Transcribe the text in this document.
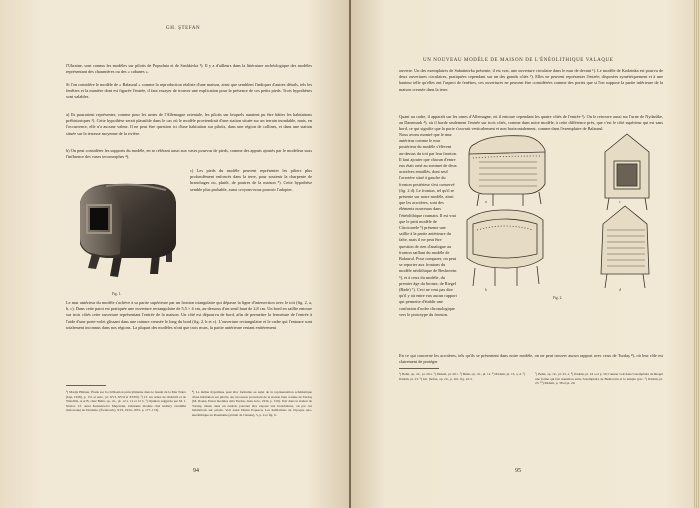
GH. ȘTEFAN
l'Ukraine, sont connus les modèles sur pilotis de Popudnia et de Sushkivka ²). Il y a d'ailleurs dans la littérature archéologique des modèles représentant des chaumières ou des « cabanes ».
Si l'on considère le modèle de « Balaurul » comme la reproduction réaliste d'une maison, ainsi que semblent l'indiquer d'autres détails, tels les fenêtres et la manière dont est figurée l'entrée, il faut essayer de trouver une explication pour la présence de ces petits pieds. Trois hypothèses sont valables.
a) Ils pourraient représenter, comme pour les urnes de l'Allemagne orientale, les pilotis sur lesquels auraient pu être bâties les habitations préhistoriques ³). Cette hypothèse serait plausible dans le cas où le modèle proviendrait d'une station située sur un terrain inondable, mais, en l'occurrence, elle n'a aucune valeur. Il ne peut être question ici d'une habitation sur pilotis, dans une région de collines, et dans une station située sur la terrasse moyenne de la rivière.
b) On peut considérer les supports du modèle, en se référant aussi aux vases pourvus de pieds, comme des appuis ajoutés par le modeleur sous l'influence des vases tecomorphes ⁴).
Fig. 1.
c) Les pieds du modèle peuvent représenter les piliers plus profondément enfoncés dans la terre, pour soutenir la charpente de branchages ou, plutôt, de poutres de la maison ⁵). Cette hypothèse semble plus probable, aussi croyons-nous pouvoir l'adopter.
Le mur antérieur du modèle s'achève à sa partie supérieure par un fronton triangulaire qui dépasse la ligne d'intersection avec le toit (fig. 2, a, b, c). Dans cette paroi est pratiquée une ouverture rectangulaire de 5,5 × 4 cm, au-dessous d'un seuil haut de 2,8 cm. Un bord en saillie entoure sur trois côtés cette ouverture représentant l'entrée de la maison. Un côté est dépourvu de bord, afin de permettre la fermeture de l'entrée à l'aide d'une porte-volet glissant dans une rainure creusée le long du bord (fig. 2, b et c). L'ouverture rectangulaire et le cadre qui l'entoure sont totalement inconnus dans nos régions. La plupart des modèles n'ont que trois murs, la partie antérieure restant entièrement
¹) Marija Himner, Étude sur la civilisation préscythienne dans le bassin de la Mer Noire (Iaşi, 1928), p. 151 et suiv., pl. XVI, XVII et XVIII). ²) Cf. les urnes de Oldenitz et de Wandlitz, A et B, chez Behn, op. cit., pl. 12 a, 12 et 12 b. ³) Opinion suggérée par M. J. Nestor. Cf. aussi Kunisiewicz Majewski, Glinianie modele chat kultury ceramiki malowanej na Ukrainie, (Światowit), XVI, 1934–1935, p. 177–174).
⁴) La même hypothèse peut être formulée au sujet de la représentation schématique d'une habitation sur pilotis, sur un tesson provenant de la station bien connue de Turdaş (M. Roska, Ensar modèles dela Turdas, dans Acta, 1934, p. 150). Voir dans la station de Turdaş, située dans un endroit pouvant être exposé aux inondations, où par ces habitations sur pilotis. Voir aussi Dumu Popescu, Les habitations de l'époque néo-énéolithique en Roumanie (extrait de l'Anuar), 5, p. 4 et fig. 6.
94
UN NOUVEAU MODÈLE DE MAISON DE L'ÉNÉOLITHIQUE VALAQUE
ouverte. Un des exemplaires de Sabatinivka présente, il est vrai, une ouverture circulaire dans le mur de devant ¹). Le modèle de Kodzinka est pourvu de deux ouvertures circulaires, pratiquées cependant sur un des grands côtés ²). Elles ne peuvent représenter l'entrée; disposées symétriquement et à une hauteur telle qu'elles ont l'aspect de fenêtres, ces ouvertures ne peuvent être considérées comme des portes que si l'on suppose la partie inférieure de la maison creusée dans la terre.
Quant au cadre, il apparaît sur les urnes d'Allemagne, où il entoure cependant les quatre côtés de l'entrée ³). On le retrouve aussi sur l'urne de Nydaråke, au Danemark ⁴), où il borde seulement l'entrée sur trois côtés, comme dans notre modèle, à cette différence près, que c'est le côté supérieur qui est sans bord, ce qui signifie que la porte s'ouvrait verticalement et non horizontalement, comme dans l'exemplaire de Balaurul.
a	c
b	d
Fig. 2.
Nous avons montré que le mur antérieur comme le mur postérieur du modèle s'élèvent au-dessus du toit par leur fronton. Il faut ajouter que chacun d'entre eux était orné au sommet de deux acrotères entaillés, dont seul l'acrotère situé à gauche du fronton postérieur s'est conservé (fig. 2 d). Le fronton, tel qu'il se présente sur notre modèle, ainsi que les acrotères, sont des éléments nouveaux dans l'énéolithique roumain. Il est vrai que le petit modèle de Căscioarele ⁵) présente une saillie à la partie antérieure du faîte, mais il ne peut être question de rien d'analogue au fronton saillant du modèle de Balaurul. Pour comparer, on peut se reporter aux frontons du modèle néolithique de Beshovetn ⁶), et à ceux du modèle, du premier âge du bronze, de Riegel (Bade) ⁷). Ceci ne veut pas dire qu'il y ait entre eux aucun rapport qui permette d'établir une confusion d'ordre chronologique vers le prototype du fronton.
En ce qui concerne les acrotères, tels qu'ils se présentent dans notre modèle, on ne peut trouver aucun rapport avec ceux de Turdaş ⁸), où leur rôle est clairement de protéger
¹) Behn, op. cit., pl. 29 a. ²) Ibidem, pl. 29 c. ³) Behn, op. cit., pl. 12. ⁴) Ibidem, pl. 13, a, d. ⁵) Ibidem, pl. 23. ⁶) Gh. Ştefan, op. cit., p. 161, fig. 22,3.
⁷) Behn, op. cit., pl. 25, a. ⁸) Ibidem, pl. 24 a et p. 50; l'auteur voit dans l'exemplaire de Riegel une forme qui fait transition entre l'exemplaire de Beshovetn et le temple grec. ⁹) Ibidem, pl. 25. ¹⁰) Ibidem, p. 38 et pl. 29.
95
